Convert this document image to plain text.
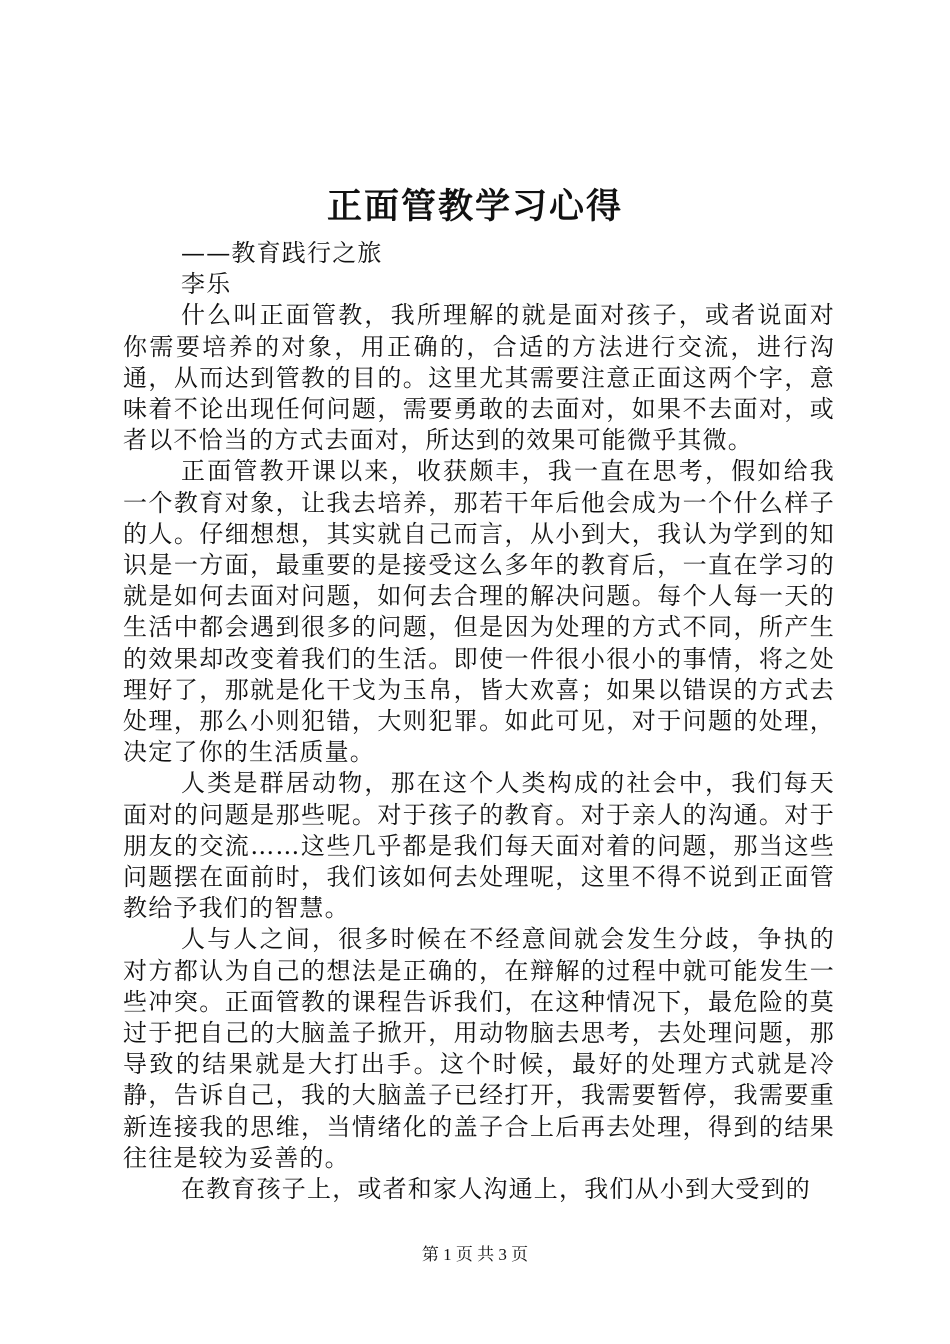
正面管教学习心得

——教育践行之旅

李乐

什么叫正面管教，我所理解的就是面对孩子，或者说面对你需要培养的对象，用正确的，合适的方法进行交流，进行沟通，从而达到管教的目的。这里尤其需要注意正面这两个字，意味着不论出现任何问题，需要勇敢的去面对，如果不去面对，或者以不恰当的方式去面对，所达到的效果可能微乎其微。

正面管教开课以来，收获颇丰，我一直在思考，假如给我一个教育对象，让我去培养，那若干年后他会成为一个什么样子的人。仔细想想，其实就自己而言，从小到大，我认为学到的知识是一方面，最重要的是接受这么多年的教育后，一直在学习的就是如何去面对问题，如何去合理的解决问题。每个人每一天的生活中都会遇到很多的问题，但是因为处理的方式不同，所产生的效果却改变着我们的生活。即使一件很小很小的事情，将之处理好了，那就是化干戈为玉帛，皆大欢喜；如果以错误的方式去处理，那么小则犯错，大则犯罪。如此可见，对于问题的处理，决定了你的生活质量。

人类是群居动物，那在这个人类构成的社会中，我们每天面对的问题是那些呢。对于孩子的教育。对于亲人的沟通。对于朋友的交流……这些几乎都是我们每天面对着的问题，那当这些问题摆在面前时，我们该如何去处理呢，这里不得不说到正面管教给予我们的智慧。

人与人之间，很多时候在不经意间就会发生分歧，争执的对方都认为自己的想法是正确的，在辩解的过程中就可能发生一些冲突。正面管教的课程告诉我们，在这种情况下，最危险的莫过于把自己的大脑盖子掀开，用动物脑去思考，去处理问题，那导致的结果就是大打出手。这个时候，最好的处理方式就是冷静，告诉自己，我的大脑盖子已经打开，我需要暂停，我需要重新连接我的思维，当情绪化的盖子合上后再去处理，得到的结果往往是较为妥善的。

在教育孩子上，或者和家人沟通上，我们从小到大受到的

第 1 页 共 3 页
